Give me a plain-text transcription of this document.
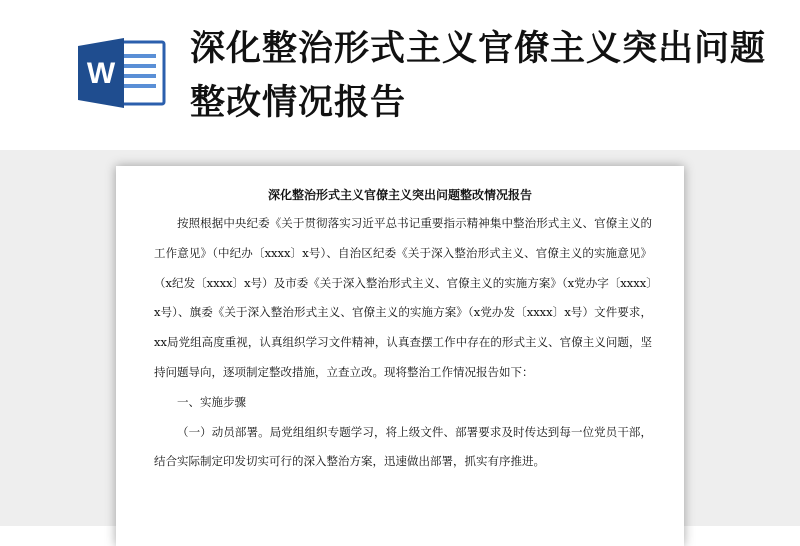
W
深化整治形式主义官僚主义突出问题整改情况报告
深化整治形式主义官僚主义突出问题整改情况报告

按照根据中央纪委《关于贯彻落实习近平总书记重要指示精神集中整治形式主义、官僚主义的工作意见》（中纪办〔xxxx〕x号）、自治区纪委《关于深入整治形式主义、官僚主义的实施意见》（x纪发〔xxxx〕x号）及市委《关于深入整治形式主义、官僚主义的实施方案》（x党办字〔xxxx〕x号）、旗委《关于深入整治形式主义、官僚主义的实施方案》（x党办发〔xxxx〕x号）文件要求，xx局党组高度重视，认真组织学习文件精神，认真查摆工作中存在的形式主义、官僚主义问题，坚持问题导向，逐项制定整改措施，立查立改。现将整治工作情况报告如下：

一、实施步骤

（一）动员部署。局党组组织专题学习，将上级文件、部署要求及时传达到每一位党员干部，结合实际制定印发切实可行的深入整治方案，迅速做出部署，抓实有序推进。
